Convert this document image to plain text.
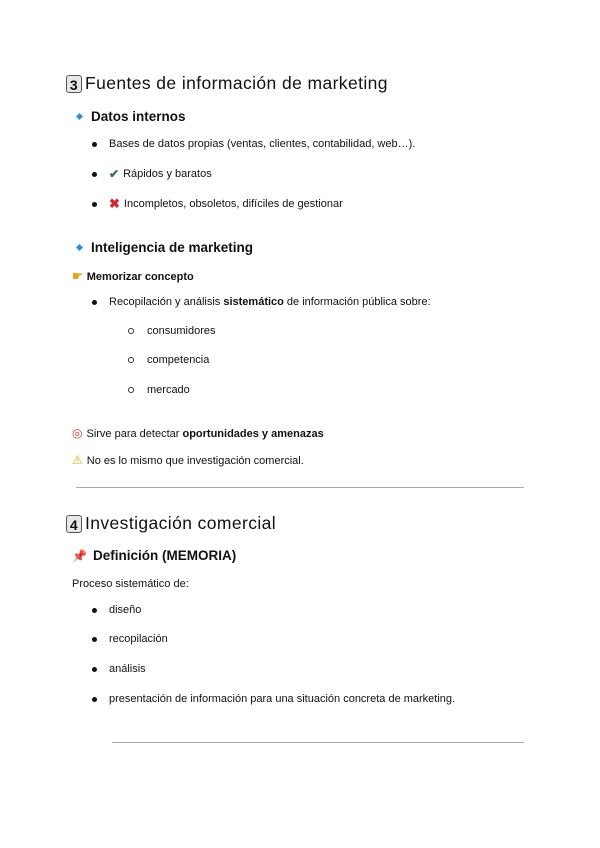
3 Fuentes de información de marketing
Datos internos
Bases de datos propias (ventas, clientes, contabilidad, web…).
✔ Rápidos y baratos
✖ Incompletos, obsoletos, difíciles de gestionar
Inteligencia de marketing
☛ Memorizar concepto
Recopilación y análisis sistemático de información pública sobre:
consumidores
competencia
mercado
◎ Sirve para detectar oportunidades y amenazas
⚠ No es lo mismo que investigación comercial.
4 Investigación comercial
📌 Definición (MEMORIA)
Proceso sistemático de:
diseño
recopilación
análisis
presentación de información para una situación concreta de marketing.
